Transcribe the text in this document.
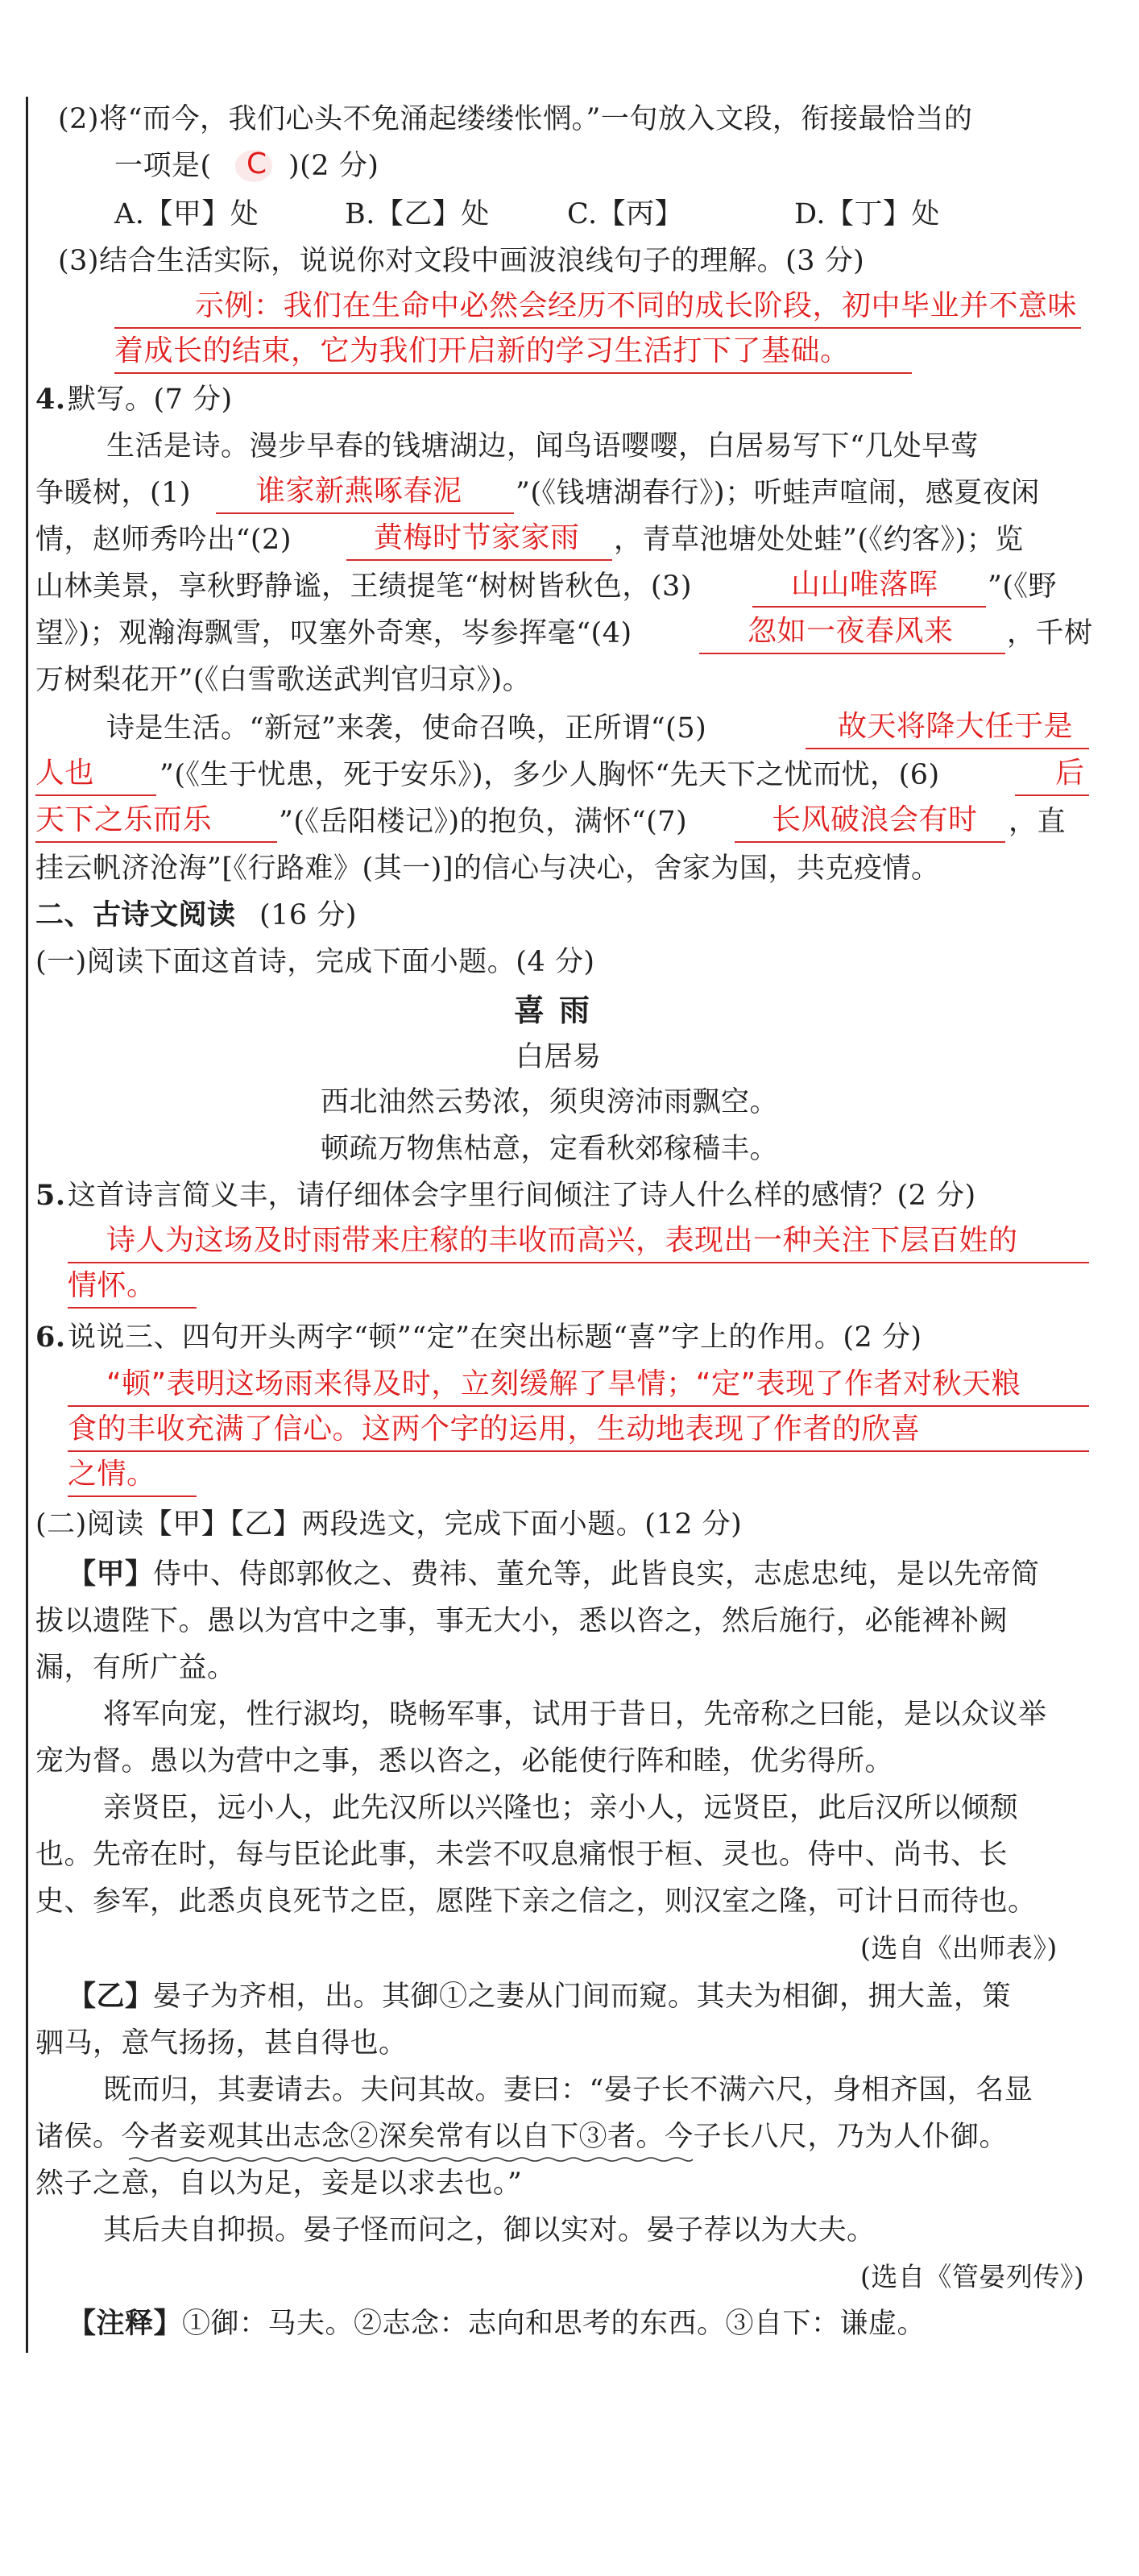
(2)将“而今，我们心头不免涌起缕缕怅惘。”一句放入文段，衔接最恰当的
一项是( C )(2 分)
A.【甲】处	B.【乙】处	C.【丙】	D.【丁】处
(3)结合生活实际，说说你对文段中画波浪线句子的理解。(3 分)
示例：我们在生命中必然会经历不同的成长阶段，初中毕业并不意味
着成长的结束，它为我们开启新的学习生活打下了基础。
4. 默写。(7 分)
生活是诗。漫步早春的钱塘湖边，闻鸟语嘤嘤，白居易写下“几处早莺
争暖树，(1) 谁家新燕啄春泥 ”(《钱塘湖春行》)；听蛙声喧闹，感夏夜闲
情，赵师秀吟出“(2)	黄梅时节家家雨 ，青草池塘处处蛙”(《约客》)；览
山林美景，享秋野静谧，王绩提笔“树树皆秋色，(3)	山山唯落晖 ”(《野
望》)；观瀚海飘雪，叹塞外奇寒，岑参挥毫“(4)	忽如一夜春风来 ，千树
万树梨花开”(《白雪歌送武判官归京》)。
诗是生活。“新冠”来袭，使命召唤，正所谓“(5)	故天将降大任于是
人也 ”(《生于忧患，死于安乐》)，多少人胸怀“先天下之忧而忧，(6)	后
天下之乐而乐 ”(《岳阳楼记》)的抱负，满怀“(7)	长风破浪会有时 ，直
挂云帆济沧海”[《行路难》(其一)]的信心与决心，舍家为国，共克疫情。
二、古诗文阅读 (16 分)
(一)阅读下面这首诗，完成下面小题。(4 分)
喜雨
白居易
西北油然云势浓，须臾滂沛雨飘空。
顿疏万物焦枯意，定看秋郊稼穑丰。
5. 这首诗言简义丰，请仔细体会字里行间倾注了诗人什么样的感情？(2 分)
诗人为这场及时雨带来庄稼的丰收而高兴，表现出一种关注下层百姓的
情怀。
6. 说说三、四句开头两字“顿”“定”在突出标题“喜”字上的作用。(2 分)
“顿”表明这场雨来得及时，立刻缓解了旱情；“定”表现了作者对秋天粮
食的丰收充满了信心。这两个字的运用，生动地表现了作者的欣喜
之情。
(二)阅读【甲】【乙】两段选文，完成下面小题。(12 分)
【甲】 侍中、侍郎郭攸之、费祎、董允等，此皆良实，志虑忠纯，是以先帝简
拔以遗陛下。愚以为宫中之事，事无大小，悉以咨之，然后施行，必能裨补阙
漏，有所广益。
将军向宠，性行淑均，晓畅军事，试用于昔日，先帝称之曰能，是以众议举
宠为督。愚以为营中之事，悉以咨之，必能使行阵和睦，优劣得所。
亲贤臣，远小人，此先汉所以兴隆也；亲小人，远贤臣，此后汉所以倾颓
也。先帝在时，每与臣论此事，未尝不叹息痛恨于桓、灵也。侍中、尚书、长
史、参军，此悉贞良死节之臣，愿陛下亲之信之，则汉室之隆，可计日而待也。
(选自《出师表》)
【乙】 晏子为齐相，出。其御①之妻从门间而窥。其夫为相御，拥大盖，策
驷马，意气扬扬，甚自得也。
既而归，其妻请去。夫问其故。妻曰：“晏子长不满六尺，身相齐国，名显
诸侯。今者妾观其出志念②深矣常有以自下③者。今子长八尺，乃为人仆御。
然子之意，自以为足，妾是以求去也。”
其后夫自抑损。晏子怪而问之，御以实对。晏子荐以为大夫。
(选自《管晏列传》)
【注释】 ①御：马夫。②志念：志向和思考的东西。③自下：谦虚。
